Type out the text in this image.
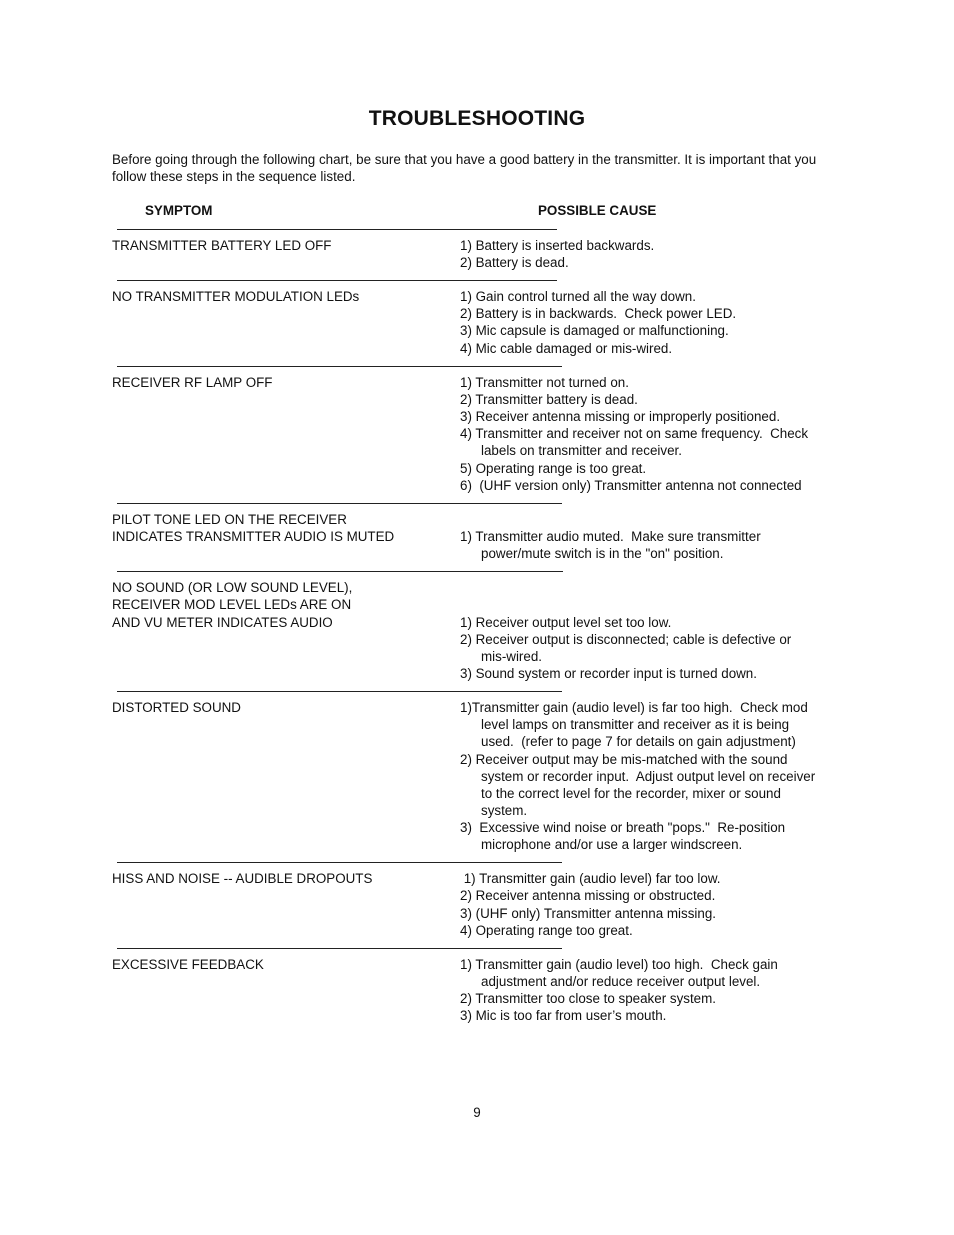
TROUBLESHOOTING

Before going through the following chart, be sure that you have a good battery in the transmitter. It is important that you follow these steps in the sequence listed.

SYMPTOM	POSSIBLE CAUSE
TRANSMITTER BATTERY LED OFF	1) Battery is inserted backwards.
2) Battery is dead.
NO TRANSMITTER MODULATION LEDs	1) Gain control turned all the way down.
2) Battery is in backwards.  Check power LED.
3) Mic capsule is damaged or malfunctioning.
4) Mic cable damaged or mis-wired.
RECEIVER RF LAMP OFF	1) Transmitter not turned on.
2) Transmitter battery is dead.
3) Receiver antenna missing or improperly positioned.
4) Transmitter and receiver not on same frequency.  Check
labels on transmitter and receiver.
5) Operating range is too great.
6)  (UHF version only) Transmitter antenna not connected
PILOT TONE LED ON THE RECEIVER
INDICATES TRANSMITTER AUDIO IS MUTED	1) Transmitter audio muted.  Make sure transmitter
power/mute switch is in the "on" position.
NO SOUND (OR LOW SOUND LEVEL),
RECEIVER MOD LEVEL LEDs ARE ON
AND VU METER INDICATES AUDIO	1) Receiver output level set too low.
2) Receiver output is disconnected; cable is defective or
mis-wired.
3) Sound system or recorder input is turned down.
DISTORTED SOUND	1)Transmitter gain (audio level) is far too high.  Check mod
level lamps on transmitter and receiver as it is being
used.  (refer to page 7 for details on gain adjustment)
2) Receiver output may be mis-matched with the sound
system or recorder input.  Adjust output level on receiver
to the correct level for the recorder, mixer or sound
system.
3)  Excessive wind noise or breath "pops."  Re-position
microphone and/or use a larger windscreen.
HISS AND NOISE -- AUDIBLE DROPOUTS	1) Transmitter gain (audio level) far too low.
2) Receiver antenna missing or obstructed.
3) (UHF only) Transmitter antenna missing.
4) Operating range too great.
EXCESSIVE FEEDBACK	1) Transmitter gain (audio level) too high.  Check gain
adjustment and/or reduce receiver output level.
2) Transmitter too close to speaker system.
3) Mic is too far from user’s mouth.
9
